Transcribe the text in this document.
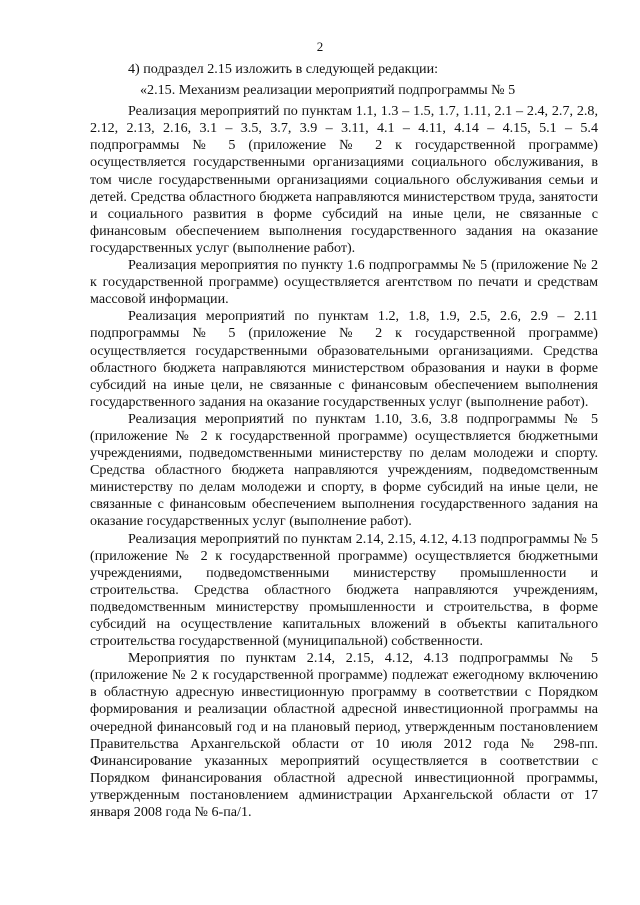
2
4) подраздел 2.15 изложить в следующей редакции:
«2.15. Механизм реализации мероприятий подпрограммы № 5

Реализация мероприятий по пунктам 1.1, 1.3 – 1.5, 1.7, 1.11, 2.1 – 2.4, 2.7, 2.8, 2.12, 2.13, 2.16, 3.1 – 3.5, 3.7, 3.9 – 3.11, 4.1 – 4.11, 4.14 – 4.15, 5.1 – 5.4 подпрограммы № 5 (приложение № 2 к государственной программе) осуществляется государственными организациями социального обслуживания, в том числе государственными организациями социального обслуживания семьи и детей. Средства областного бюджета направляются министерством труда, занятости и социального развития в форме субсидий на иные цели, не связанные с финансовым обеспечением выполнения государственного задания на оказание государственных услуг (выполнение работ).

Реализация мероприятия по пункту 1.6 подпрограммы № 5 (приложение № 2 к государственной программе) осуществляется агентством по печати и средствам массовой информации.

Реализация мероприятий по пунктам 1.2, 1.8, 1.9, 2.5, 2.6, 2.9 – 2.11 подпрограммы № 5 (приложение № 2 к государственной программе) осуществляется государственными образовательными организациями. Средства областного бюджета направляются министерством образования и науки в форме субсидий на иные цели, не связанные с финансовым обеспечением выполнения государственного задания на оказание государственных услуг (выполнение работ).

Реализация мероприятий по пунктам 1.10, 3.6, 3.8 подпрограммы № 5 (приложение № 2 к государственной программе) осуществляется бюджетными учреждениями, подведомственными министерству по делам молодежи и спорту. Средства областного бюджета направляются учреждениям, подведомственным министерству по делам молодежи и спорту, в форме субсидий на иные цели, не связанные с финансовым обеспечением выполнения государственного задания на оказание государственных услуг (выполнение работ).

Реализация мероприятий по пунктам 2.14, 2.15, 4.12, 4.13 подпрограммы № 5 (приложение № 2 к государственной программе) осуществляется бюджетными учреждениями, подведомственными министерству промышленности и строительства. Средства областного бюджета направляются учреждениям, подведомственным министерству промышленности и строительства, в форме субсидий на осуществление капитальных вложений в объекты капитального строительства государственной (муниципальной) собственности.

Мероприятия по пунктам 2.14, 2.15, 4.12, 4.13 подпрограммы № 5 (приложение № 2 к государственной программе) подлежат ежегодному включению в областную адресную инвестиционную программу в соответствии с Порядком формирования и реализации областной адресной инвестиционной программы на очередной финансовый год и на плановый период, утвержденным постановлением Правительства Архангельской области от 10 июля 2012 года № 298-пп. Финансирование указанных мероприятий осуществляется в соответствии с Порядком финансирования областной адресной инвестиционной программы, утвержденным постановлением администрации Архангельской области от 17 января 2008 года № 6-па/1.
